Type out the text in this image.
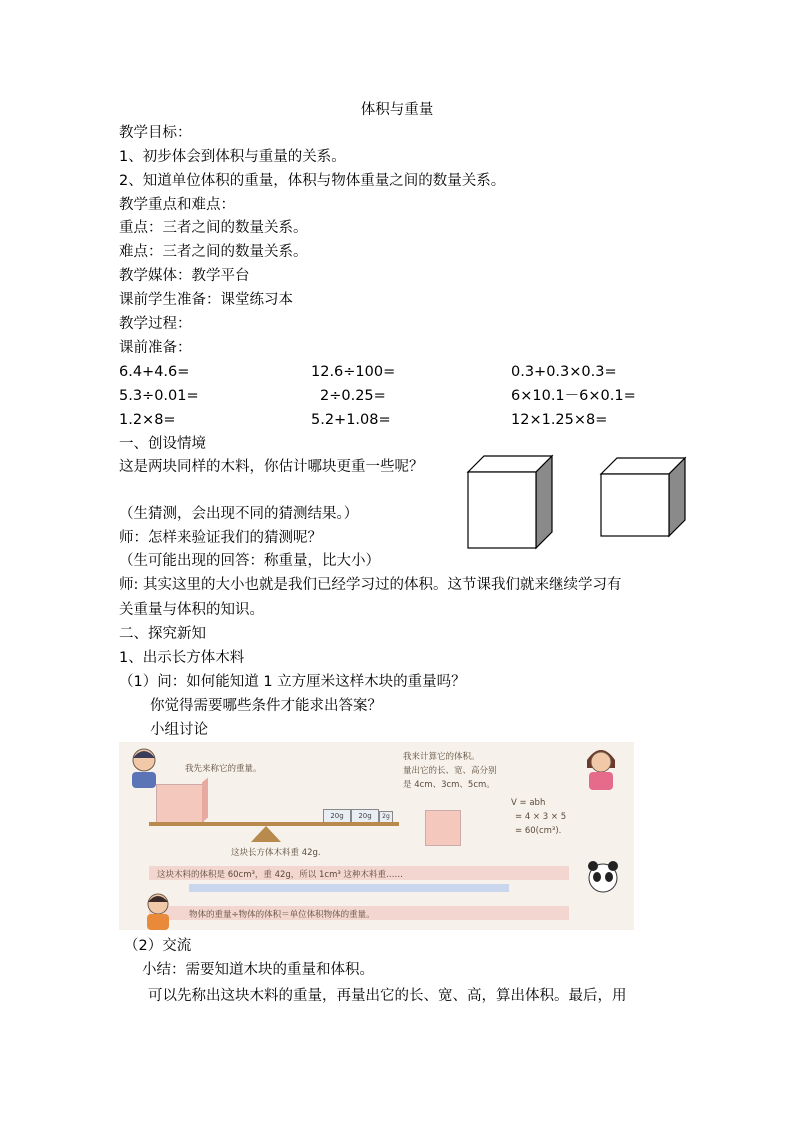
体积与重量
教学目标：
1、初步体会到体积与重量的关系。
2、知道单位体积的重量，体积与物体重量之间的数量关系。
教学重点和难点：
重点：三者之间的数量关系。
难点：三者之间的数量关系。
教学媒体：教学平台
课前学生准备：课堂练习本
教学过程：
课前准备：
6.4+4.6=	12.6÷100=	0.3+0.3×0.3=
5.3÷0.01=	2÷0.25=	6×10.1－6×0.1=
1.2×8=	5.2+1.08=	12×1.25×8=
一、创设情境
这是两块同样的木料，你估计哪块更重一些呢？
（生猜测，会出现不同的猜测结果。）
师：怎样来验证我们的猜测呢？
（生可能出现的回答：称重量，比大小）
师: 其实这里的大小也就是我们已经学习过的体积。这节课我们就来继续学习有
关重量与体积的知识。
二、探究新知
1、出示长方体木料
（1）问：如何能知道 1 立方厘米这样木块的重量吗？
你觉得需要哪些条件才能求出答案？
小组讨论
我先来称它的重量。
20g	20g	2g
这块长方体木料重 42g.
我来计算它的体积。
量出它的长、宽、高分别
是 4cm、3cm、5cm。
V = abh
= 4 × 3 × 5
= 60(cm³).
这块木料的体积是 60cm³，重 42g，所以 1cm³ 这种木料重……
物体的重量÷物体的体积＝单位体积物体的重量。
（2）交流
小结：需要知道木块的重量和体积。
可以先称出这块木料的重量，再量出它的长、宽、高，算出体积。最后，用
